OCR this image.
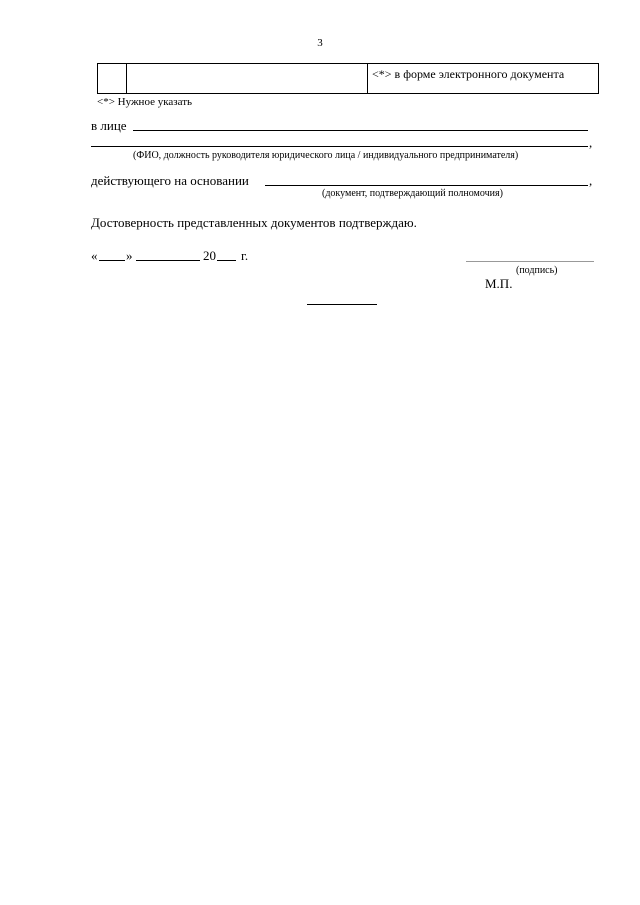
3
		<*> в форме электронного документа
<*> Нужное указать
в лице
,
(ФИО, должность руководителя юридического лица / индивидуального предпринимателя)
действующего на основании	,
(документ, подтверждающий полномочия)
Достоверность представленных документов подтверждаю.
« »	20 г.
(подпись)
М.П.
